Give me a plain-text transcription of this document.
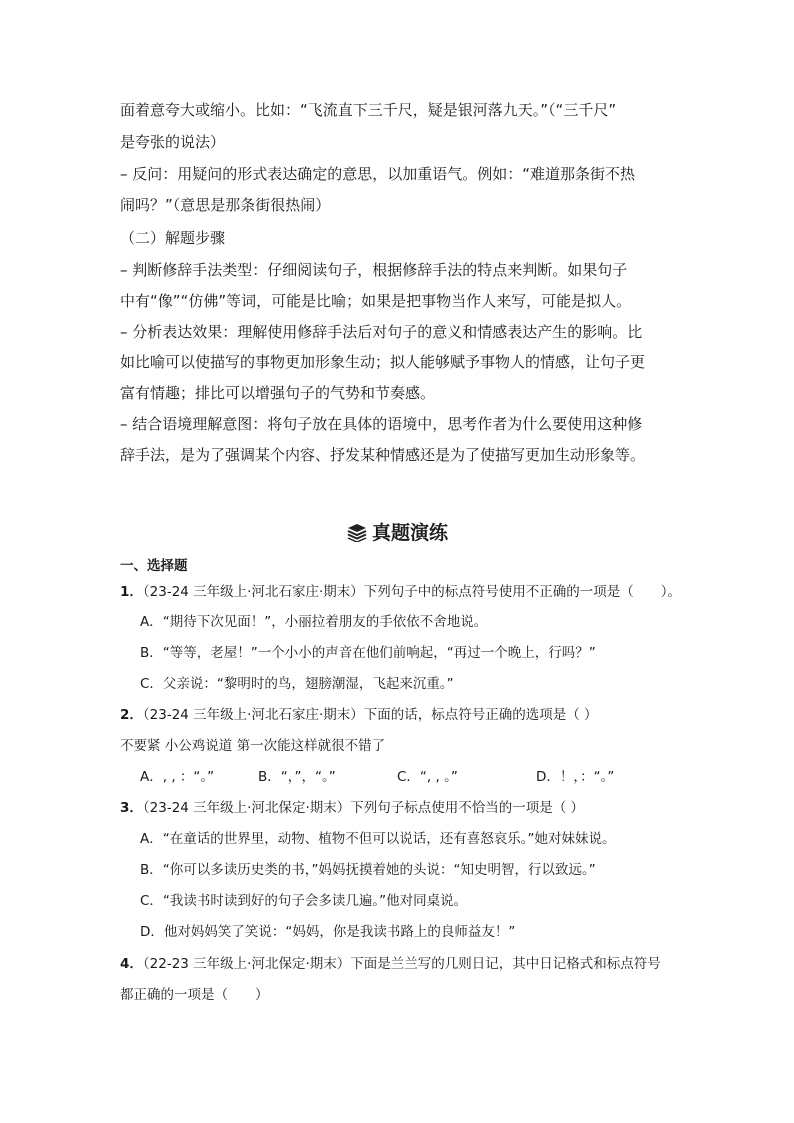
面着意夸大或缩小。比如：“飞流直下三千尺，疑是银河落九天。”（“三千尺”
是夸张的说法）
– 反问：用疑问的形式表达确定的意思，以加重语气。例如：“难道那条街不热
闹吗？”（意思是那条街很热闹）
（二）解题步骤
– 判断修辞手法类型：仔细阅读句子，根据修辞手法的特点来判断。如果句子
中有“像”“仿佛”等词，可能是比喻；如果是把事物当作人来写，可能是拟人。
– 分析表达效果：理解使用修辞手法后对句子的意义和情感表达产生的影响。比
如比喻可以使描写的事物更加形象生动；拟人能够赋予事物人的情感，让句子更
富有情趣；排比可以增强句子的气势和节奏感。
– 结合语境理解意图：将句子放在具体的语境中，思考作者为什么要使用这种修
辞手法，是为了强调某个内容、抒发某种情感还是为了使描写更加生动形象等。
真题演练
一、选择题
1．（23-24 三年级上·河北石家庄·期末）下列句子中的标点符号使用不正确的一项是（　　）。
A．“期待下次见面！”，小丽拉着朋友的手依依不舍地说。
B．“等等，老屋！”一个小小的声音在他们前响起，“再过一个晚上，行吗？”
C．父亲说：“黎明时的鸟，翅膀潮湿，飞起来沉重。”
2．（23-24 三年级上·河北石家庄·期末）下面的话，标点符号正确的选项是（ ）
不要紧 小公鸡说道 第一次能这样就很不错了
A．, , ：“。”	B．“，”，“。”	C．“, , 。”	D．！，：“。”
3．（23-24 三年级上·河北保定·期末）下列句子标点使用不恰当的一项是（ ）
A．“在童话的世界里，动物、植物不但可以说话，还有喜怒哀乐。”她对妹妹说。
B．“你可以多读历史类的书，”妈妈抚摸着她的头说：“知史明智，行以致远。”
C．“我读书时读到好的句子会多读几遍。”他对同桌说。
D．他对妈妈笑了笑说：“妈妈，你是我读书路上的良师益友！”
4．（22-23 三年级上·河北保定·期末）下面是兰兰写的几则日记，其中日记格式和标点符号
都正确的一项是（　　）
